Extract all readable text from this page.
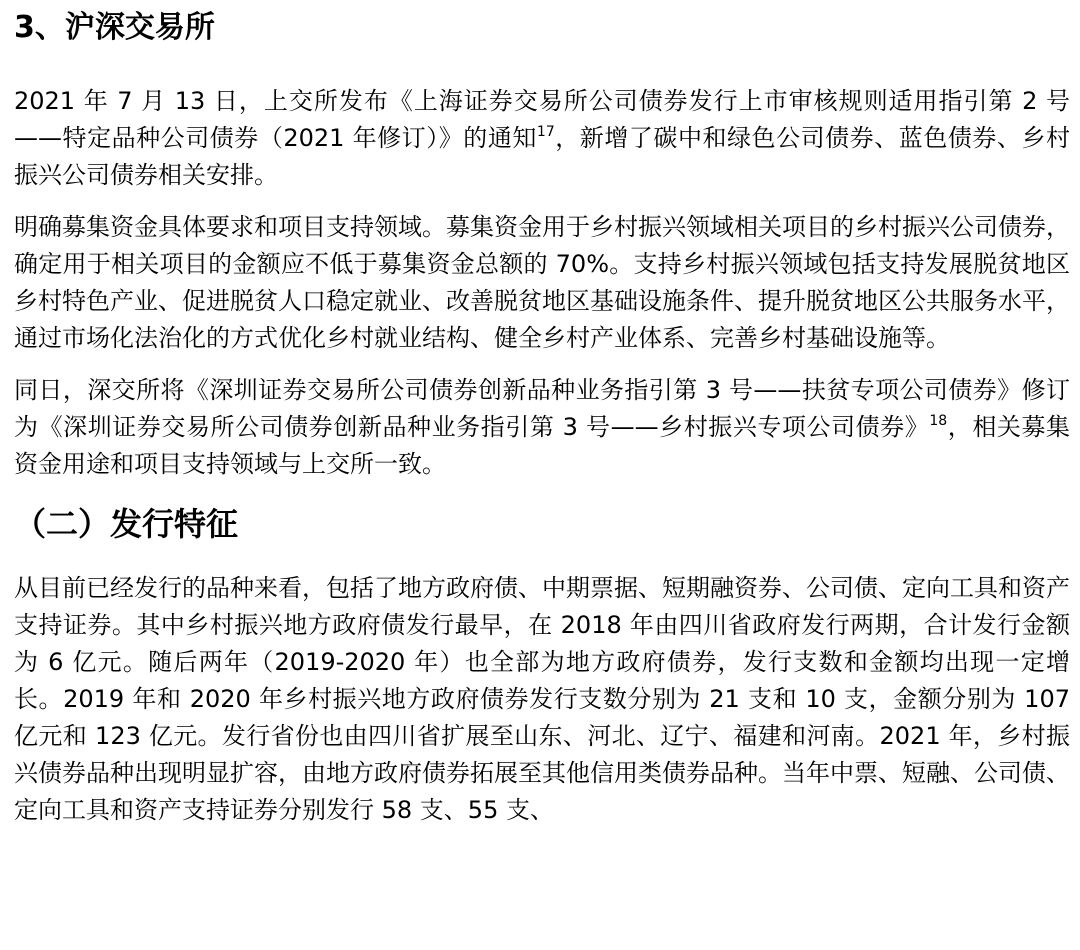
3、沪深交易所

2021 年 7 月 13 日，上交所发布《上海证券交易所公司债券发行上市审核规则适用指引第 2 号——特定品种公司债券（2021 年修订）》的通知$^{17}$，新增了碳中和绿色公司债券、蓝色债券、乡村振兴公司债券相关安排。

明确募集资金具体要求和项目支持领域。募集资金用于乡村振兴领域相关项目的乡村振兴公司债券，确定用于相关项目的金额应不低于募集资金总额的 70%。支持乡村振兴领域包括支持发展脱贫地区乡村特色产业、促进脱贫人口稳定就业、改善脱贫地区基础设施条件、提升脱贫地区公共服务水平，通过市场化法治化的方式优化乡村就业结构、健全乡村产业体系、完善乡村基础设施等。

同日，深交所将《深圳证券交易所公司债券创新品种业务指引第 3 号——扶贫专项公司债券》修订为《深圳证券交易所公司债券创新品种业务指引第 3 号——乡村振兴专项公司债券》$^{18}$，相关募集资金用途和项目支持领域与上交所一致。

（二）发行特征

从目前已经发行的品种来看，包括了地方政府债、中期票据、短期融资券、公司债、定向工具和资产支持证券。其中乡村振兴地方政府债发行最早，在 2018 年由四川省政府发行两期，合计发行金额为 6 亿元。随后两年（2019-2020 年）也全部为地方政府债券，发行支数和金额均出现一定增长。2019 年和 2020 年乡村振兴地方政府债券发行支数分别为 21 支和 10 支，金额分别为 107 亿元和 123 亿元。发行省份也由四川省扩展至山东、河北、辽宁、福建和河南。2021 年，乡村振兴债券品种出现明显扩容，由地方政府债券拓展至其他信用类债券品种。当年中票、短融、公司债、定向工具和资产支持证券分别发行 58 支、55 支、
